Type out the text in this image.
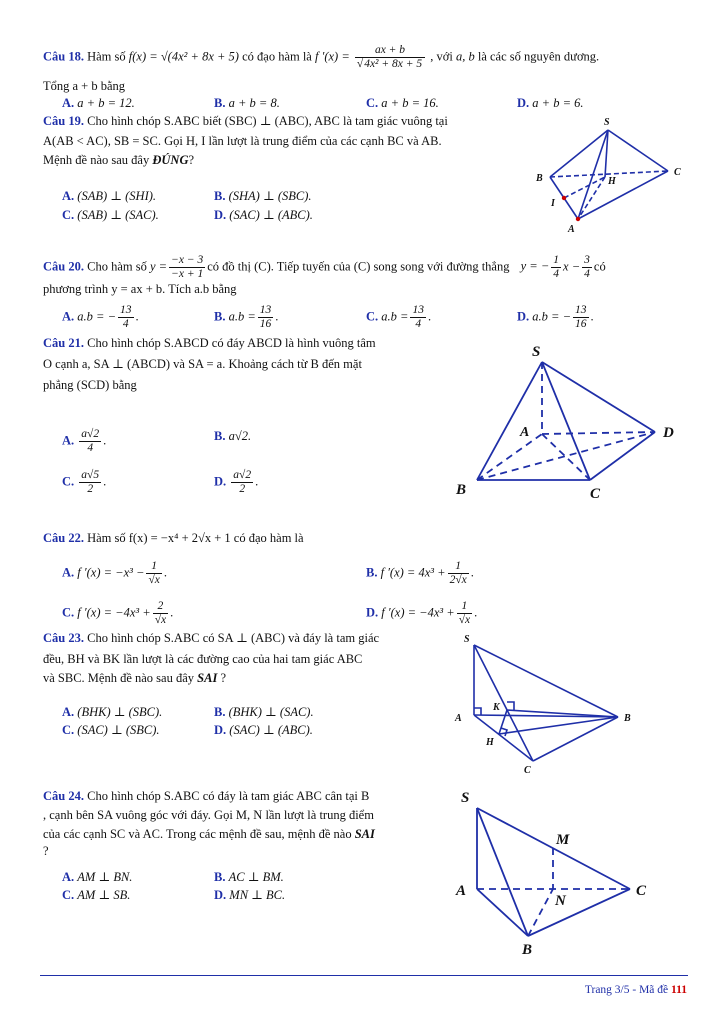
Câu 18. Hàm số f(x) = √(4x² + 8x + 5) có đạo hàm là f $'(x) = \frac{ax + b}{\text{√4x² + 8x + 5}}$ , với a, b là các số nguyên dương.
Tổng a + b bằng
A. a + b = 12.	B. a + b = 8.	C. a + b = 16.	D. a + b = 6.
Câu 19. Cho hình chóp S.ABC biết (SBC) ⊥ (ABC), ABC là tam giác vuông tại
A(AB < AC), SB = SC. Gọi H, I lần lượt là trung điểm của các cạnh BC và AB.
Mệnh đề nào sau đây ĐÚNG?
A. (SAB) ⊥ (SHI).	B. (SHA) ⊥ (SBC).
C. (SAB) ⊥ (SAC).	D. (SAC) ⊥ (ABC).
S
B	H
C
I
A
Câu 20. Cho hàm số $y = \frac{-x - 3}{-x + 1}$ có đồ thị (C). Tiếp tuyến của (C) song song với đường thẳng y = − $\frac{1}{4}$ $x - \frac{3}{4}$ có
phương trình y = ax + b. Tích a.b bằng
A. a.b = − $\frac{13}{4}$ .	B. $a.b = \frac{13}{16}$ .	C. $a.b = \frac{13}{4}$ .	D. a.b = − $\frac{13}{16}$ .
Câu 21. Cho hình chóp S.ABCD có đáy ABCD là hình vuông tâm
O cạnh a, SA ⊥ (ABCD) và SA = a. Khoảng cách từ B đến mặt
phẳng (SCD) bằng
A. $\frac{a√2}{4}$ .	B. a√2.
C. $\frac{a√5}{2}$ .	D. $\frac{a√2}{2}$ .
S
A	D
B	C
Câu 22. Hàm số f(x) = −x⁴ + 2√x + 1 có đạo hàm là
A. f $'(x) = -x^3 - \frac{1}{√x}$ .	B. f $'(x) = 4x^3 + \frac{1}{2√x}$ .
C. f $'(x) = -4x^3 + \frac{2}{√x}$ .	D. f $'(x) = -4x^3 + \frac{1}{√x}$ .
Câu 23. Cho hình chóp S.ABC có SA ⊥ (ABC) và đáy là tam giác
đều, BH và BK lần lượt là các đường cao của hai tam giác ABC
và SBC. Mệnh đề nào sau đây SAI ?
A. (BHK) ⊥ (SBC).	B. (BHK) ⊥ (SAC).
C. (SAC) ⊥ (SBC).	D. (SAC) ⊥ (ABC).
S
K
A	B
H
C
Câu 24. Cho hình chóp S.ABC có đáy là tam giác ABC cân tại B
, cạnh bên SA vuông góc với đáy. Gọi M, N lần lượt là trung điểm
của các cạnh SC và AC. Trong các mệnh đề sau, mệnh đề nào SAI
?
A. AM ⊥ BN.	B. AC ⊥ BM.
C. AM ⊥ SB.	D. MN ⊥ BC.
S
M
A
N
C
B
Trang 3/5 - Mã đề 111
